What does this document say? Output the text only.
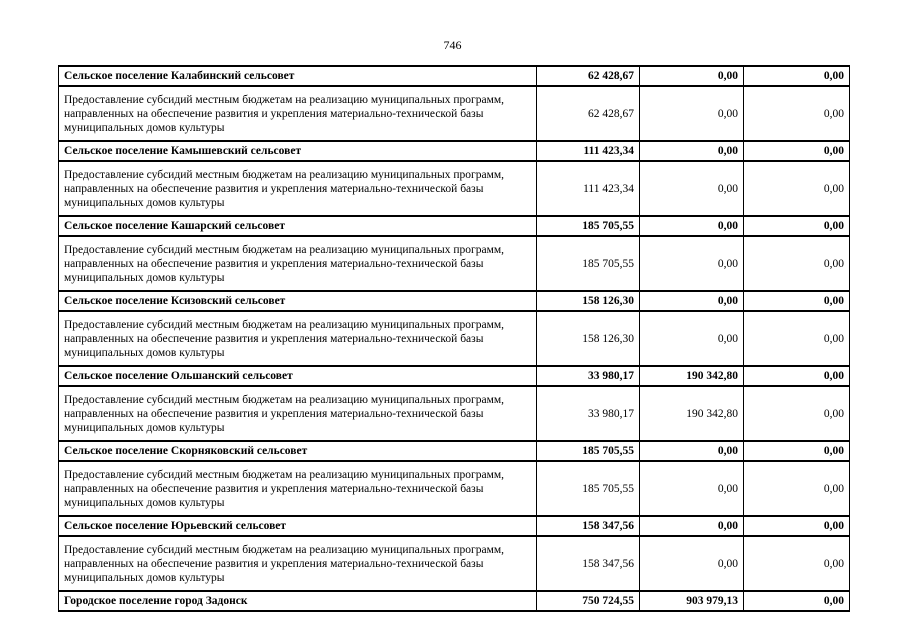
746
Сельское поселение Калабинский сельсовет	62 428,67	0,00	0,00
Предоставление субсидий местным бюджетам на реализацию муниципальных программ, направленных на обеспечение развития и укрепления материально-технической базы муниципальных домов культуры	62 428,67	0,00	0,00
Сельское поселение Камышевский сельсовет	111 423,34	0,00	0,00
Предоставление субсидий местным бюджетам на реализацию муниципальных программ, направленных на обеспечение развития и укрепления материально-технической базы муниципальных домов культуры	111 423,34	0,00	0,00
Сельское поселение Кашарский сельсовет	185 705,55	0,00	0,00
Предоставление субсидий местным бюджетам на реализацию муниципальных программ, направленных на обеспечение развития и укрепления материально-технической базы муниципальных домов культуры	185 705,55	0,00	0,00
Сельское поселение Ксизовский сельсовет	158 126,30	0,00	0,00
Предоставление субсидий местным бюджетам на реализацию муниципальных программ, направленных на обеспечение развития и укрепления материально-технической базы муниципальных домов культуры	158 126,30	0,00	0,00
Сельское поселение Ольшанский сельсовет	33 980,17	190 342,80	0,00
Предоставление субсидий местным бюджетам на реализацию муниципальных программ, направленных на обеспечение развития и укрепления материально-технической базы муниципальных домов культуры	33 980,17	190 342,80	0,00
Сельское поселение Скорняковский сельсовет	185 705,55	0,00	0,00
Предоставление субсидий местным бюджетам на реализацию муниципальных программ, направленных на обеспечение развития и укрепления материально-технической базы муниципальных домов культуры	185 705,55	0,00	0,00
Сельское поселение Юрьевский сельсовет	158 347,56	0,00	0,00
Предоставление субсидий местным бюджетам на реализацию муниципальных программ, направленных на обеспечение развития и укрепления материально-технической базы муниципальных домов культуры	158 347,56	0,00	0,00
Городское поселение город Задонск	750 724,55	903 979,13	0,00
